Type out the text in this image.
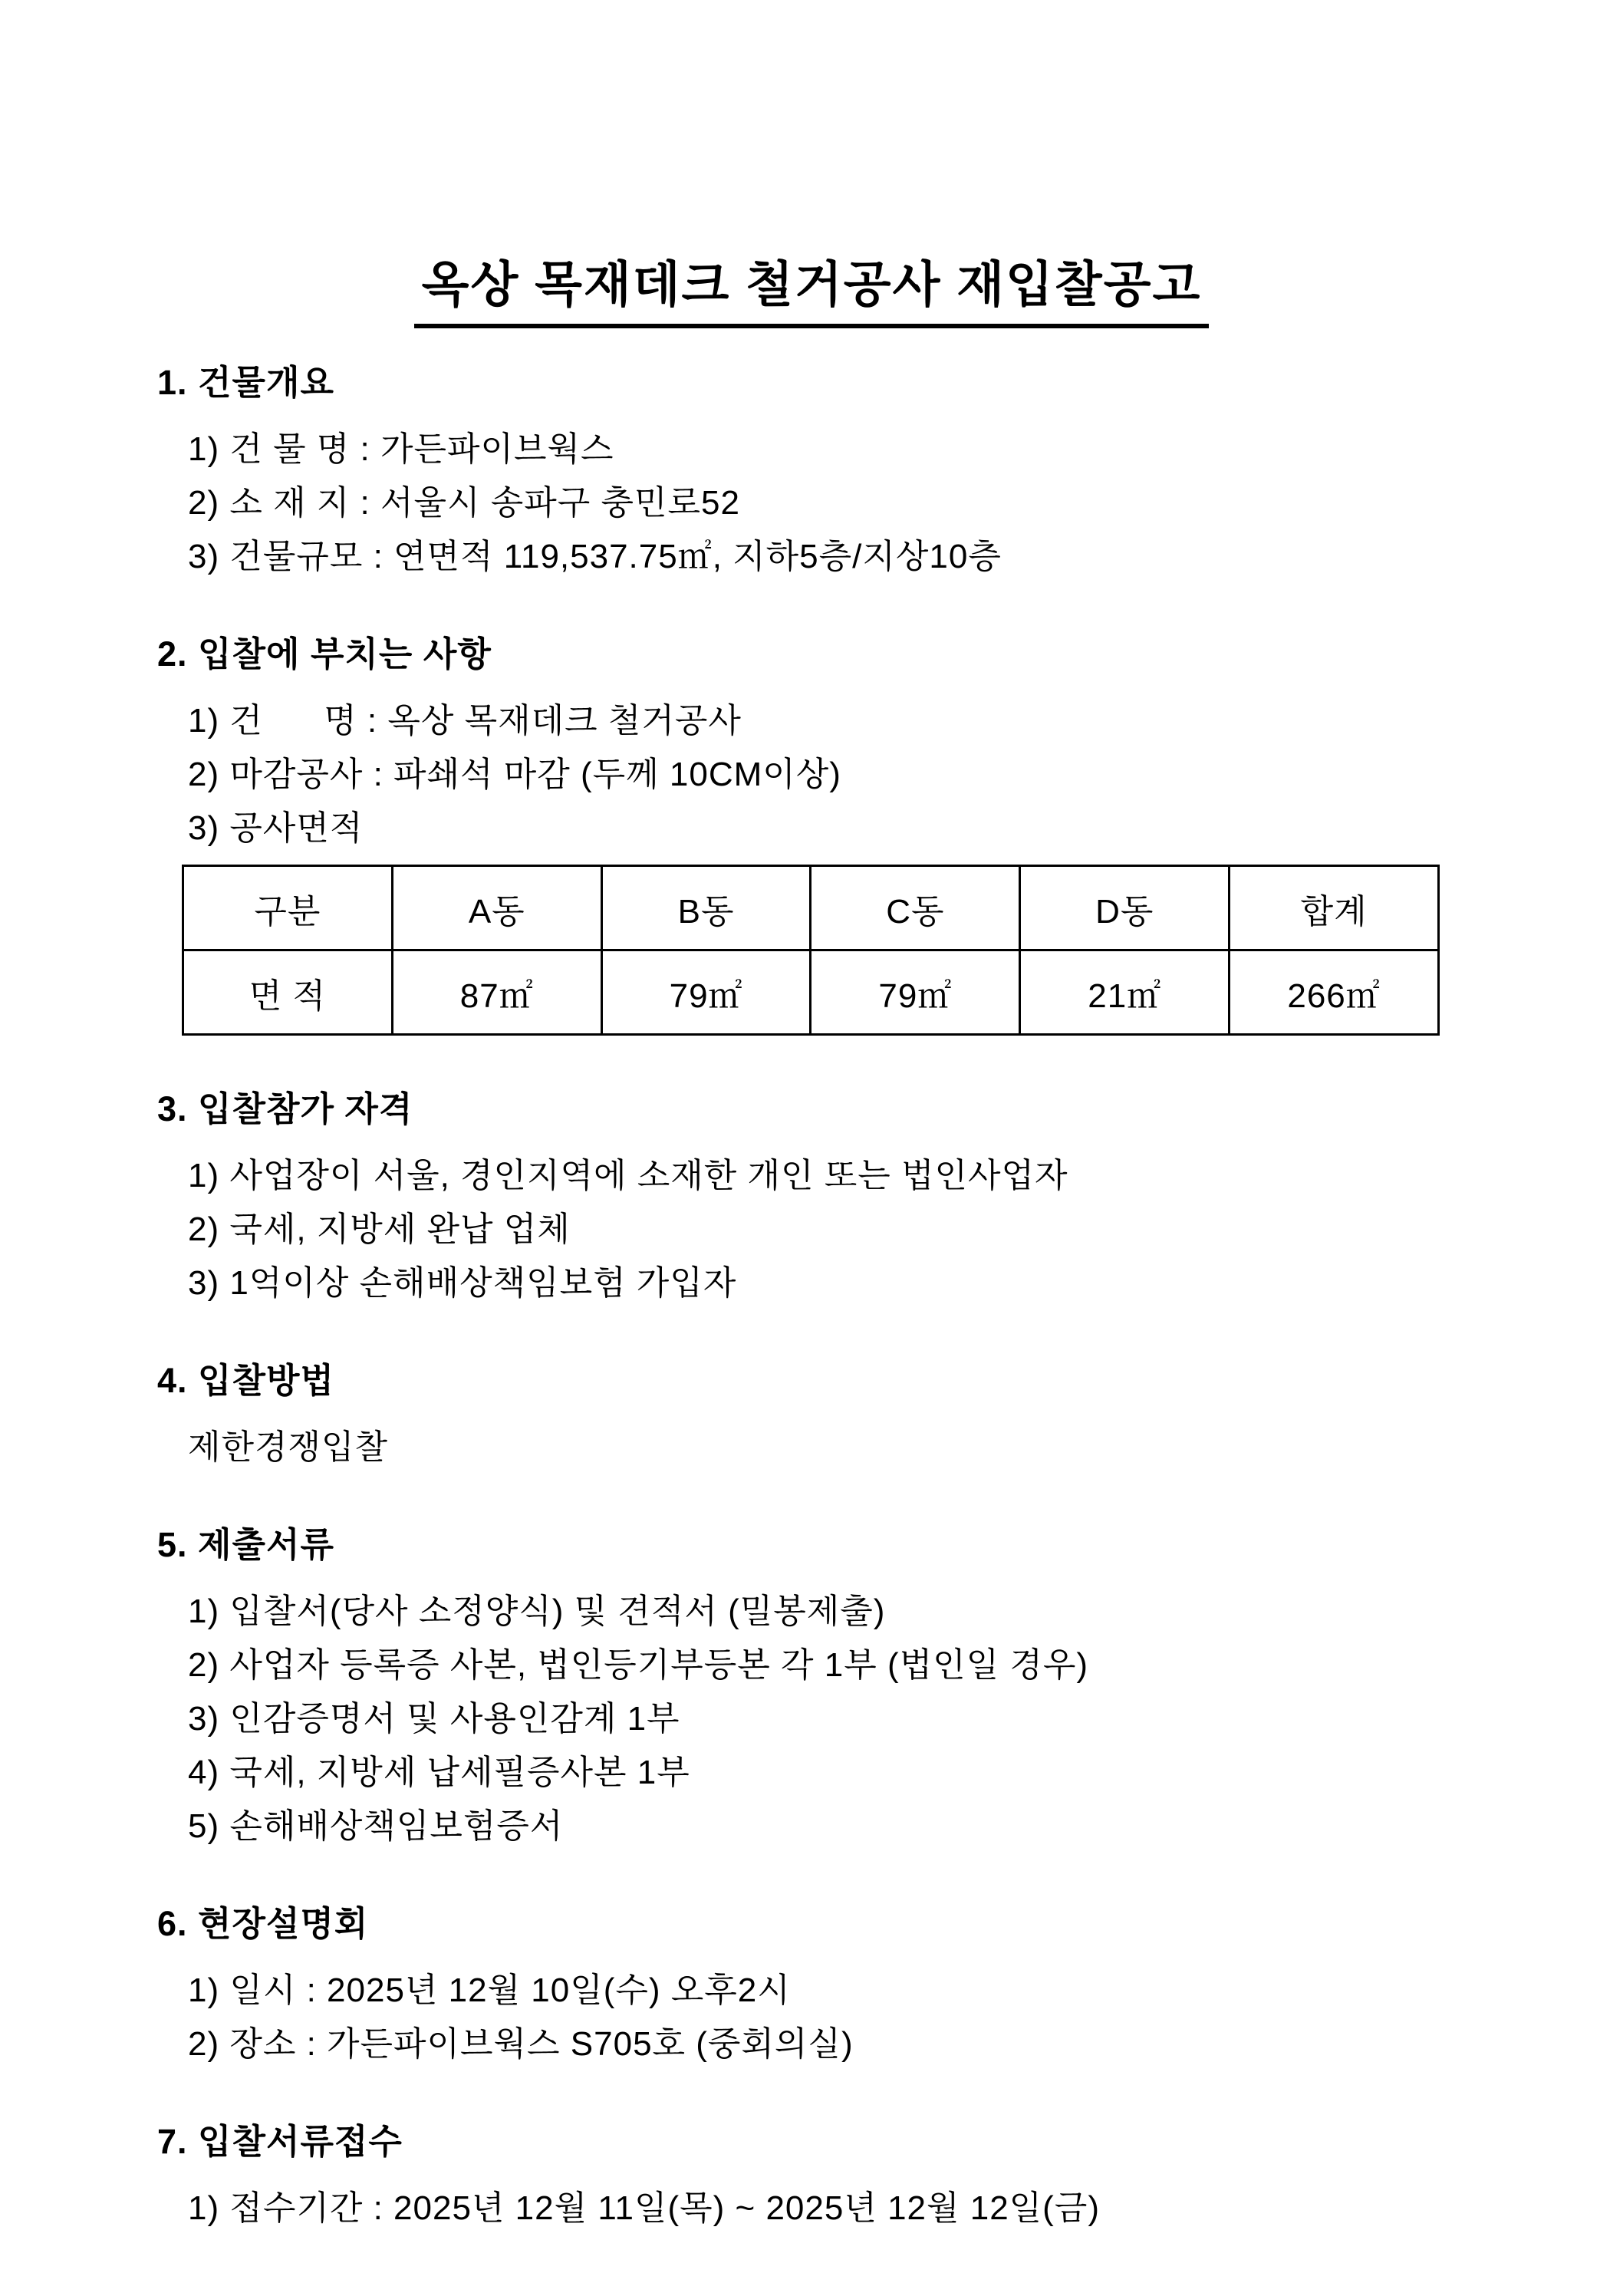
옥상 목재데크 철거공사 재입찰공고
1. 건물개요
1) 건 물 명 : 가든파이브웍스
2) 소 재 지 : 서울시 송파구 충민로52
3) 건물규모 : 연면적 119,537.75㎡, 지하5층/지상10층
2. 입찰에 부치는 사항
1) 건      명 : 옥상 목재데크 철거공사
2) 마감공사 : 파쇄석 마감 (두께 10CM이상)
3) 공사면적
구분	A동	B동	C동	D동	합계
면 적	87㎡	79㎡	79㎡	21㎡	266㎡
3. 입찰참가 자격
1) 사업장이 서울, 경인지역에 소재한 개인 또는 법인사업자
2) 국세, 지방세 완납 업체
3) 1억이상 손해배상책임보험 가입자
4. 입찰방법
제한경쟁입찰
5. 제출서류
1) 입찰서(당사 소정양식) 및 견적서 (밀봉제출)
2) 사업자 등록증 사본, 법인등기부등본 각 1부 (법인일 경우)
3) 인감증명서 및 사용인감계 1부
4) 국세, 지방세 납세필증사본 1부
5) 손해배상책임보험증서
6. 현장설명회
1) 일시 : 2025년 12월 10일(수) 오후2시
2) 장소 : 가든파이브웍스 S705호 (중회의실)
7. 입찰서류접수
1) 접수기간 : 2025년 12월 11일(목) ~ 2025년 12월 12일(금)
